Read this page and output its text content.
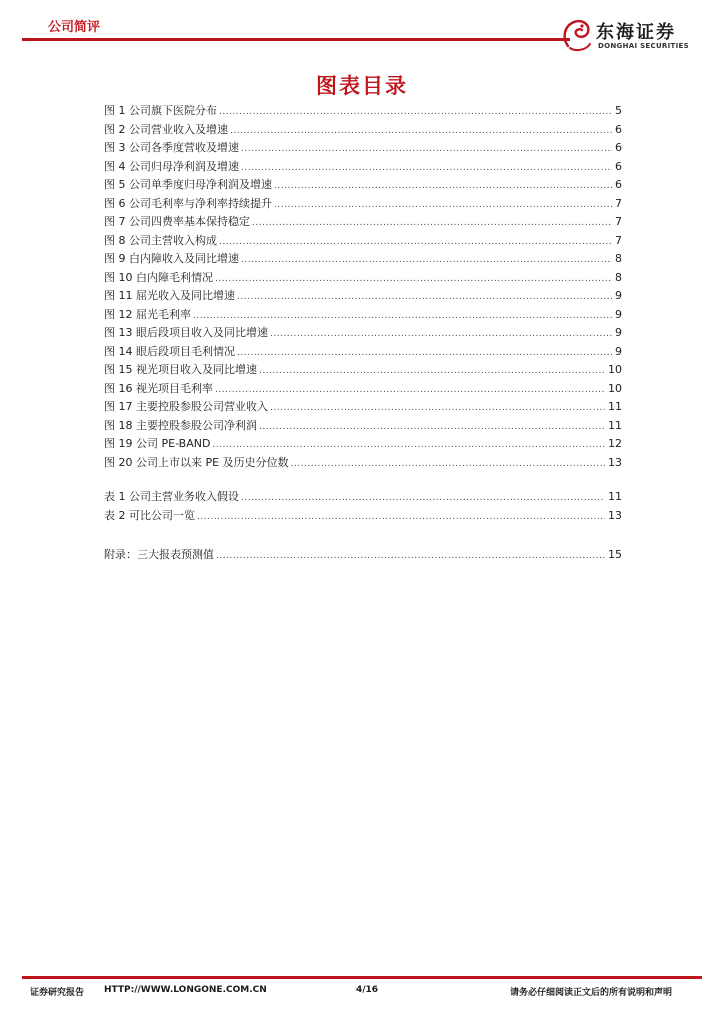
公司简评	东海证券
DONGHAI SECURITIES
图表目录
图 1 公司旗下医院分布 .....	5
图 2 公司营业收入及增速 .....	6
图 3 公司各季度营收及增速 .....	6
图 4 公司归母净利润及增速 .....	6
图 5 公司单季度归母净利润及增速 .....	6
图 6 公司毛利率与净利率持续提升 .....	7
图 7 公司四费率基本保持稳定 .....	7
图 8 公司主营收入构成 .....	7
图 9 白内障收入及同比增速 .....	8
图 10 白内障毛利情况 .....	8
图 11 屈光收入及同比增速 .....	9
图 12 屈光毛利率 .....	9
图 13 眼后段项目收入及同比增速 .....	9
图 14 眼后段项目毛利情况 .....	9
图 15 视光项目收入及同比增速 .....	10
图 16 视光项目毛利率 .....	10
图 17 主要控股参股公司营业收入 .....	11
图 18 主要控股参股公司净利润 .....	11
图 19 公司 PE-BAND .....	12
图 20 公司上市以来 PE 及历史分位数 .....	13
表 1 公司主营业务收入假设 .....	11
表 2 可比公司一览 .....	13
附录：三大报表预测值 .....	15
证券研究报告 HTTP://WWW.LONGONE.COM.CN	4/16	请务必仔细阅读正文后的所有说明和声明
